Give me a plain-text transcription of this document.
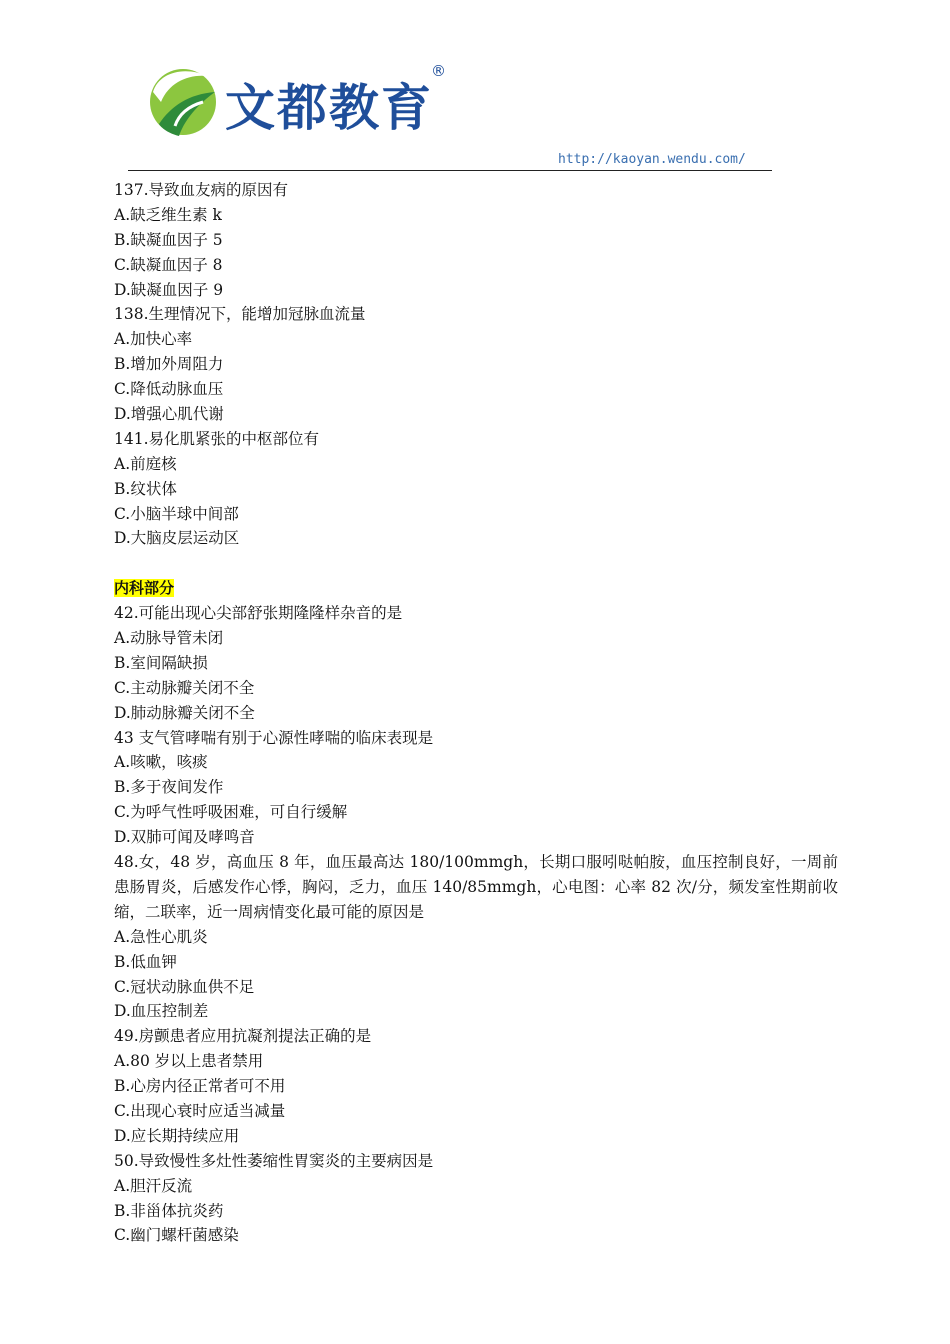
文都教育
®
http://kaoyan.wendu.com/
137.导致血友病的原因有
A.缺乏维生素 k
B.缺凝血因子 5
C.缺凝血因子 8
D.缺凝血因子 9
138.生理情况下，能增加冠脉血流量
A.加快心率
B.增加外周阻力
C.降低动脉血压
D.增强心肌代谢
141.易化肌紧张的中枢部位有
A.前庭核
B.纹状体
C.小脑半球中间部
D.大脑皮层运动区
内科部分
42.可能出现心尖部舒张期隆隆样杂音的是
A.动脉导管未闭
B.室间隔缺损
C.主动脉瓣关闭不全
D.肺动脉瓣关闭不全
43 支气管哮喘有别于心源性哮喘的临床表现是
A.咳嗽，咳痰
B.多于夜间发作
C.为呼气性呼吸困难，可自行缓解
D.双肺可闻及哮鸣音
48.女，48 岁，高血压 8 年，血压最高达 180/100mmgh，长期口服吲哒帕胺，血压控制良好，一周前患肠胃炎，后感发作心悸，胸闷，乏力，血压 140/85mmgh，心电图：心率 82 次/分，频发室性期前收缩，二联率，近一周病情变化最可能的原因是
A.急性心肌炎
B.低血钾
C.冠状动脉血供不足
D.血压控制差
49.房颤患者应用抗凝剂提法正确的是
A.80 岁以上患者禁用
B.心房内径正常者可不用
C.出现心衰时应适当减量
D.应长期持续应用
50.导致慢性多灶性萎缩性胃窦炎的主要病因是
A.胆汗反流
B.非甾体抗炎药
C.幽门螺杆菌感染
